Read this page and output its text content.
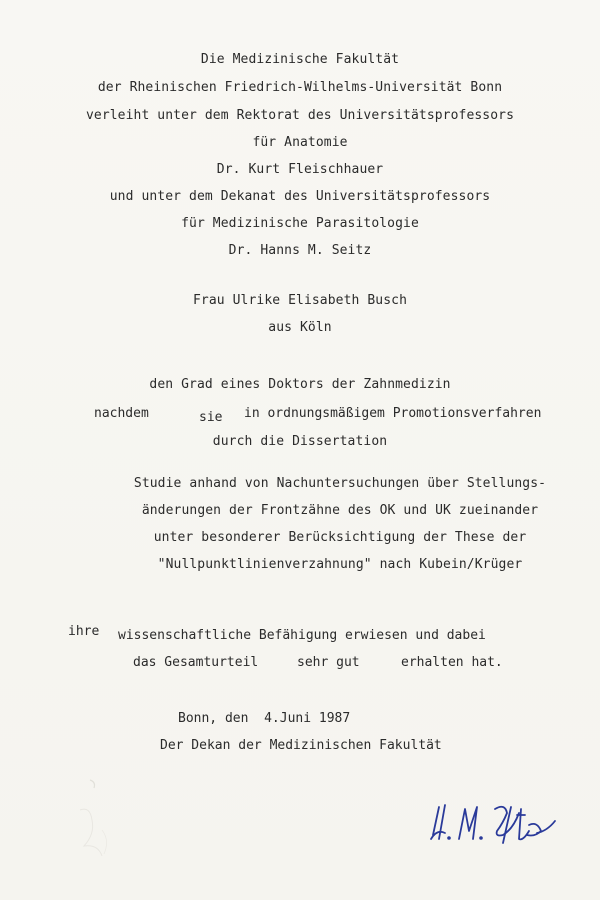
Die Medizinische Fakultät
der Rheinischen Friedrich-Wilhelms-Universität Bonn
verleiht unter dem Rektorat des Universitätsprofessors
für Anatomie
Dr. Kurt Fleischhauer
und unter dem Dekanat des Universitätsprofessors
für Medizinische Parasitologie
Dr. Hanns M. Seitz
Frau Ulrike Elisabeth Busch
aus Köln
den Grad eines Doktors der Zahnmedizin
nachdem	sie in ordnungsmäßigem Promotionsverfahren
durch die Dissertation
Studie anhand von Nachuntersuchungen über Stellungs-
änderungen der Frontzähne des OK und UK zueinander
unter besonderer Berücksichtigung der These der
"Nullpunktlinienverzahnung" nach Kubein/Krüger
ihre wissenschaftliche Befähigung erwiesen und dabei
das Gesamturteil	sehr gut	erhalten hat.
Bonn, den  4.Juni 1987
Der Dekan der Medizinischen Fakultät
